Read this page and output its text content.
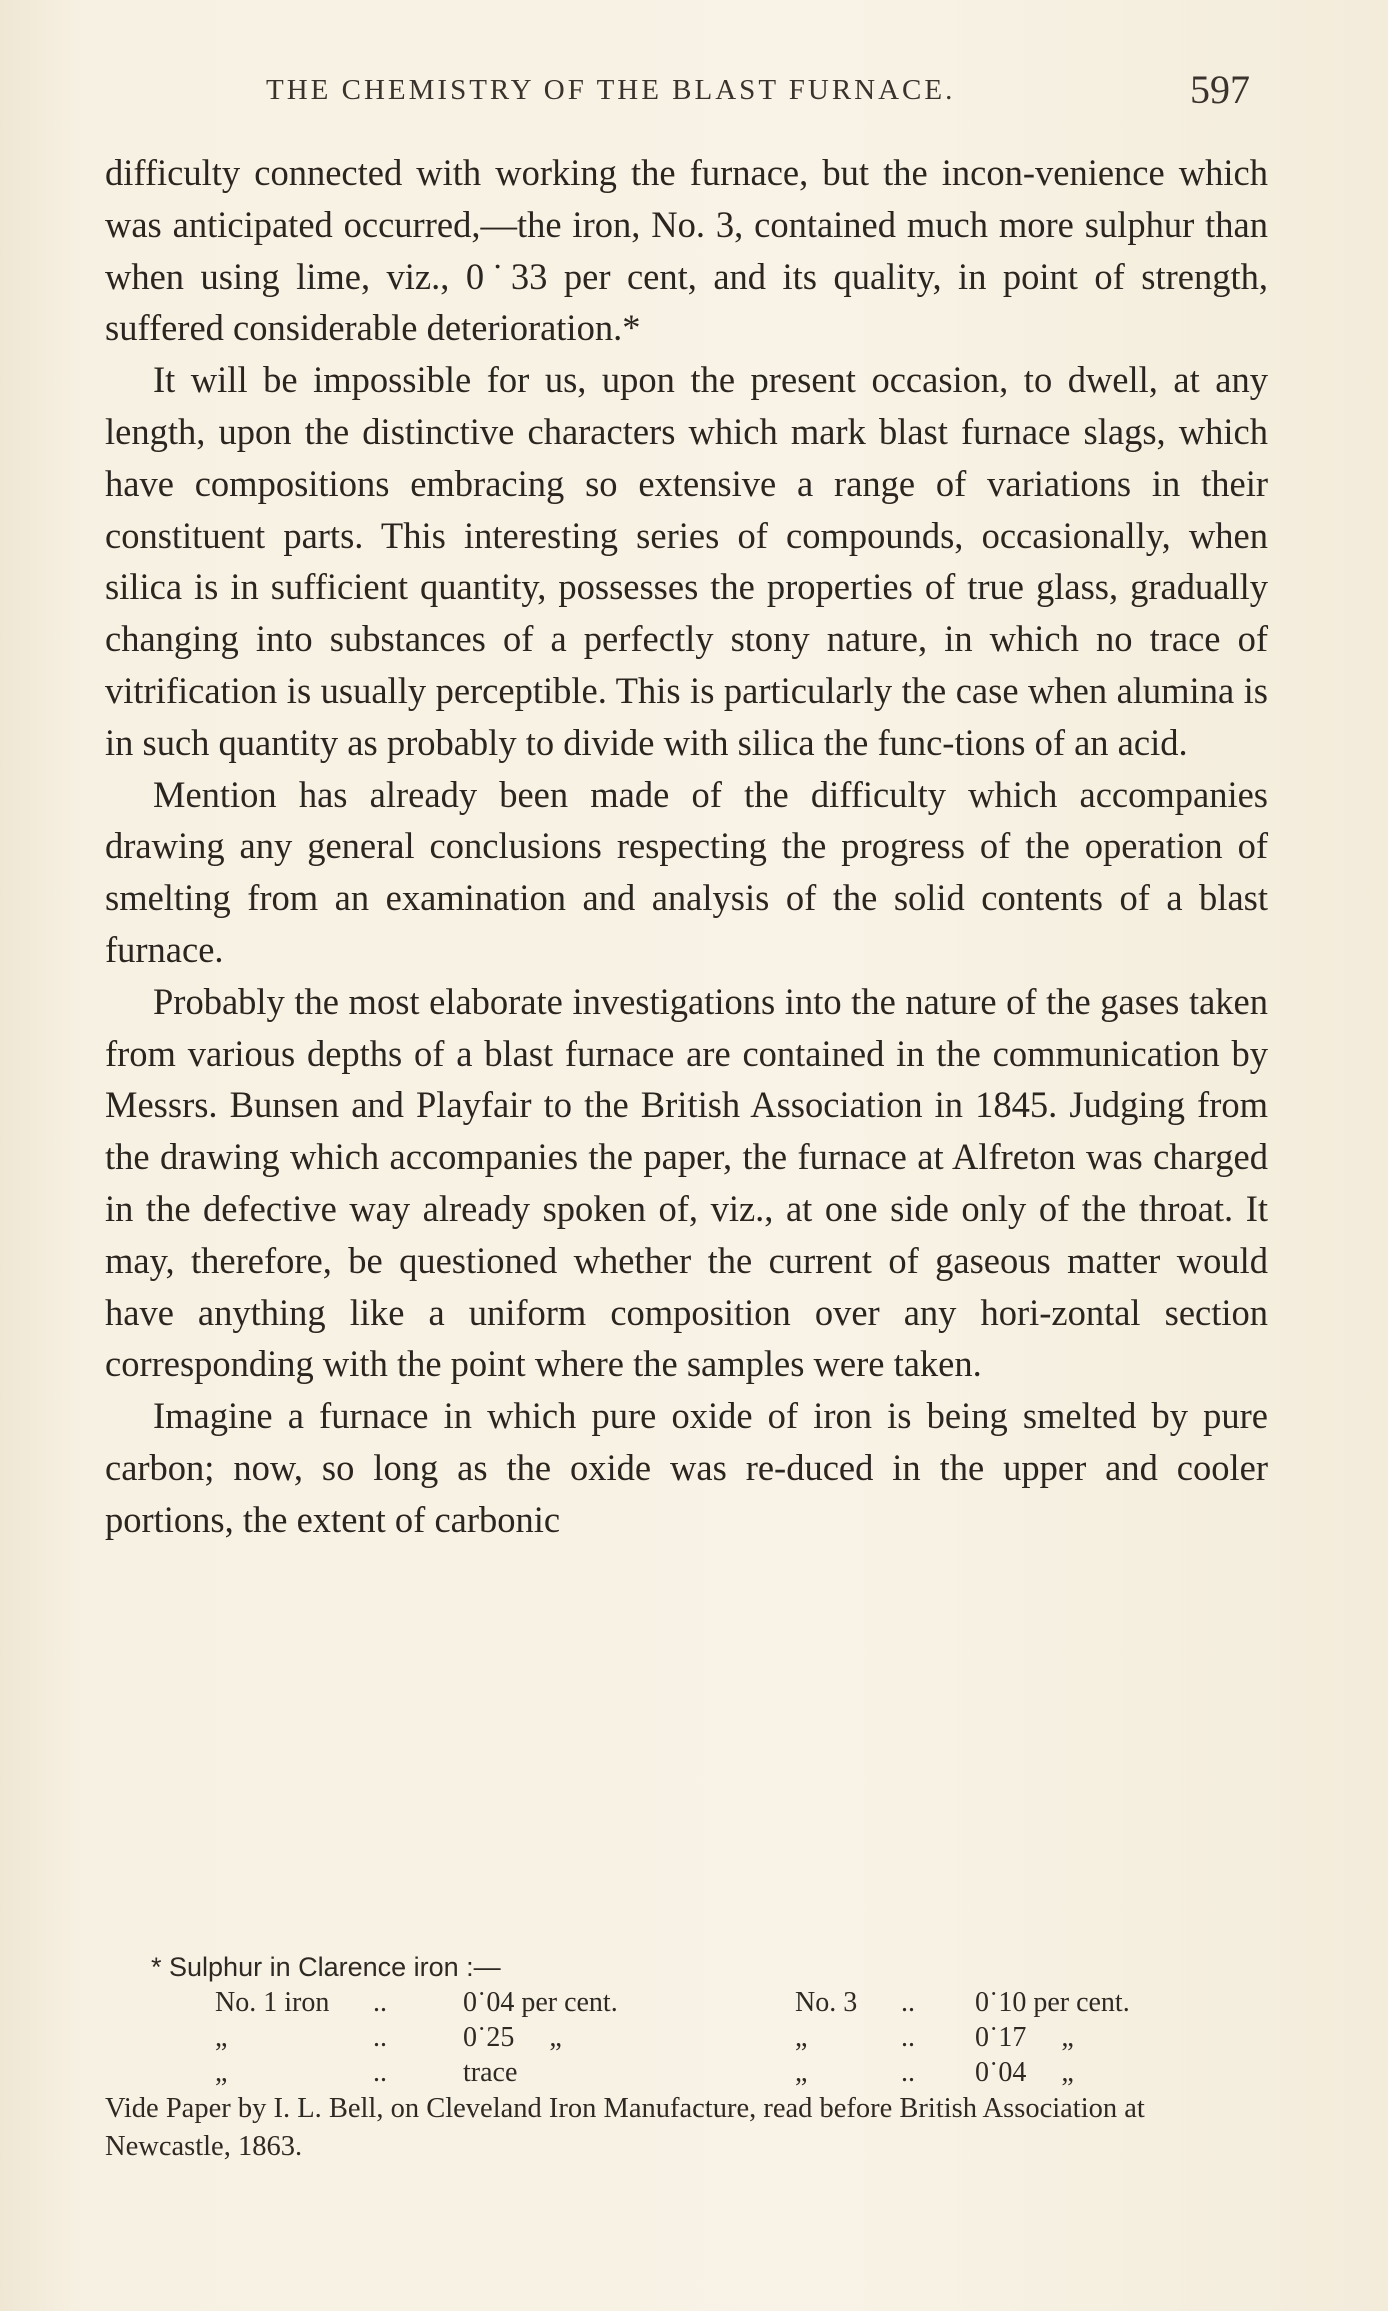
THE CHEMISTRY OF THE BLAST FURNACE.	597

difficulty connected with working the furnace, but the incon-venience which was anticipated occurred,—the iron, No. 3, contained much more sulphur than when using lime, viz., 0˙33 per cent, and its quality, in point of strength, suffered considerable deterioration.*

It will be impossible for us, upon the present occasion, to dwell, at any length, upon the distinctive characters which mark blast furnace slags, which have compositions embracing so extensive a range of variations in their constituent parts. This interesting series of compounds, occasionally, when silica is in sufficient quantity, possesses the properties of true glass, gradually changing into substances of a perfectly stony nature, in which no trace of vitrification is usually perceptible. This is particularly the case when alumina is in such quantity as probably to divide with silica the func-tions of an acid.

Mention has already been made of the difficulty which accompanies drawing any general conclusions respecting the progress of the operation of smelting from an examination and analysis of the solid contents of a blast furnace.

Probably the most elaborate investigations into the nature of the gases taken from various depths of a blast furnace are contained in the communication by Messrs. Bunsen and Playfair to the British Association in 1845. Judging from the drawing which accompanies the paper, the furnace at Alfreton was charged in the defective way already spoken of, viz., at one side only of the throat. It may, therefore, be questioned whether the current of gaseous matter would have anything like a uniform composition over any hori-zontal section corresponding with the point where the samples were taken.

Imagine a furnace in which pure oxide of iron is being smelted by pure carbon; now, so long as the oxide was re-duced in the upper and cooler portions, the extent of carbonic

* Sulphur in Clarence iron :—
No. 1 iron ..	0˙04 per cent.	No. 3 .. 0˙10 per cent.
„	..	0˙25     „	„	.. 0˙17     „
„	..	trace	„	.. 0˙04     „
Vide Paper by I. L. Bell, on Cleveland Iron Manufacture, read before British Association at Newcastle, 1863.
